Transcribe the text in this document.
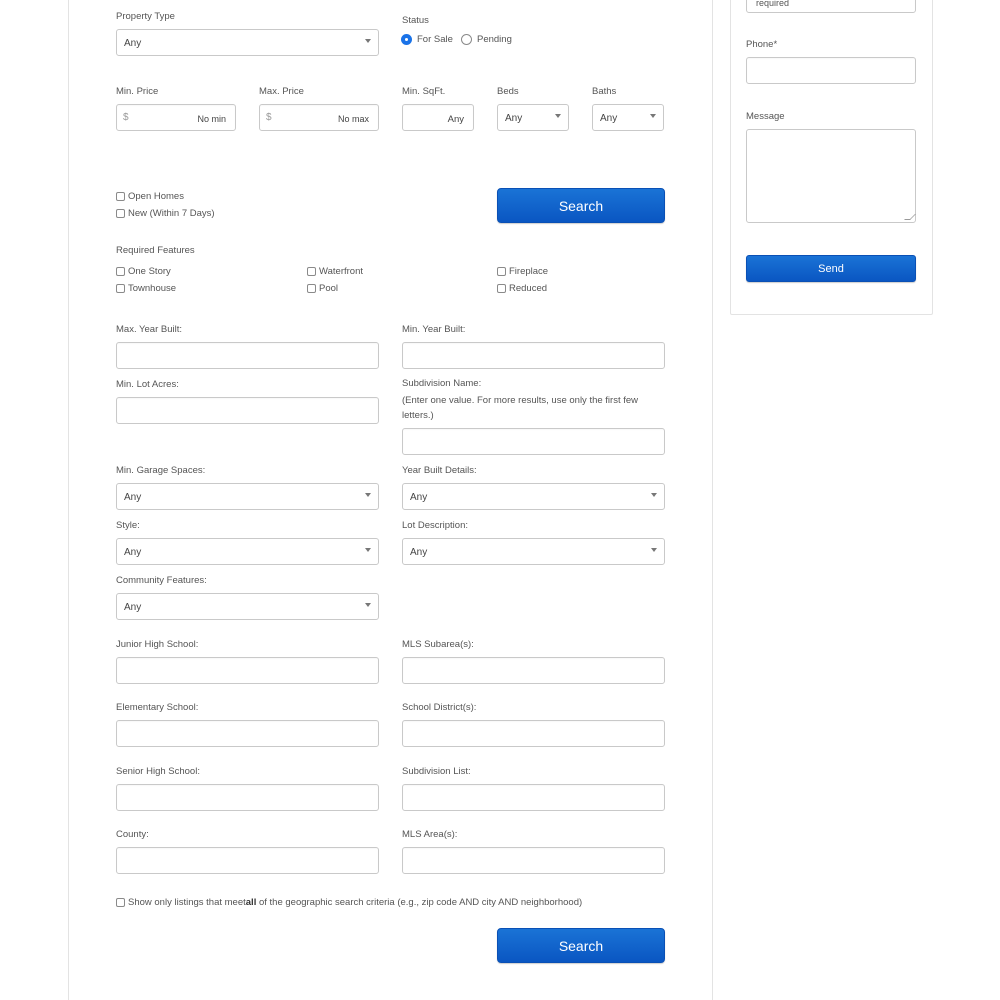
Property Type
Any
Status
For Sale	Pending
Min. Price
$	No min
Max. Price
$	No max
Min. SqFt.
Any
Beds
Any
Baths
Any
Open Homes
New (Within 7 Days)	Search
Required Features
One Story	Waterfront	Fireplace
Townhouse	Pool	Reduced
Max. Year Built:	Min. Year Built:
Min. Lot Acres:	Subdivision Name:
(Enter one value. For more results, use only the first few letters.)
Min. Garage Spaces:
Any
Year Built Details:
Any
Style:
Any
Lot Description:
Any
Community Features:
Any
Junior High School:	MLS Subarea(s):
Elementary School:	School District(s):
Senior High School:	Subdivision List:
County:	MLS Area(s):
Show only listings that meet all of the geographic search criteria (e.g., zip code AND city AND neighborhood)
Search
required
Phone*
Message
Send
